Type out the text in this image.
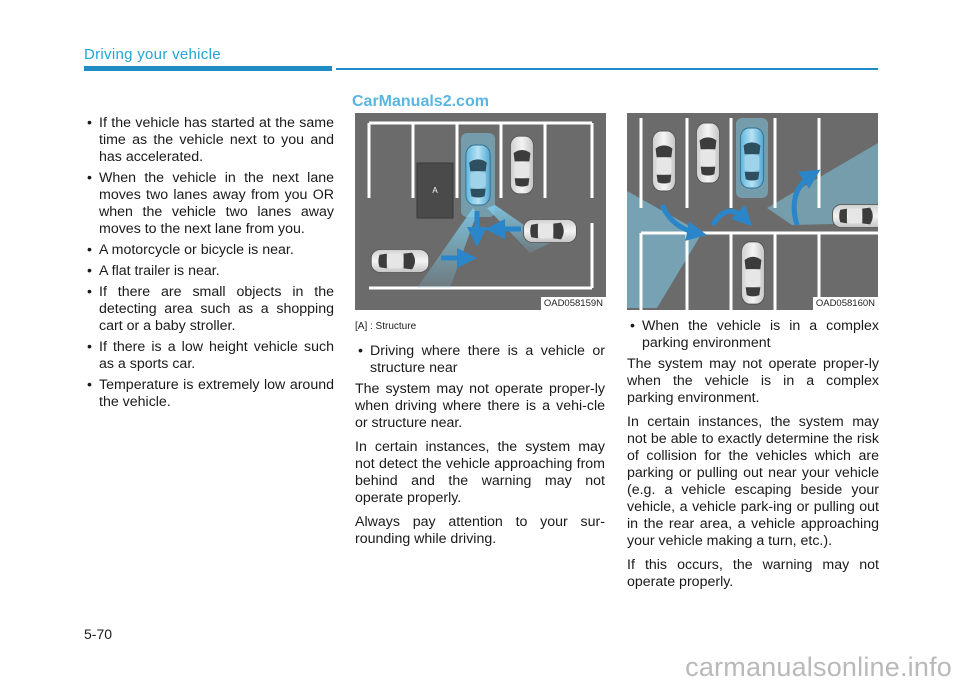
Driving your vehicle
CarManuals2.com
• If the vehicle has started at the same time as the vehicle next to you and has accelerated.
• When the vehicle in the next lane moves two lanes away from you OR when the vehicle two lanes away moves to the next lane from you.
• A motorcycle or bicycle is near.
• A flat trailer is near.
• If there are small objects in the detecting area such as a shopping cart or a baby stroller.
• If there is a low height vehicle such as a sports car.
• Temperature is extremely low around the vehicle.
A
OAD058159N	OAD058160N

[A] : Structure

• Driving where there is a vehicle or structure near

The system may not operate proper-ly when driving where there is a vehi-cle or structure near.

In certain instances, the system may not detect the vehicle approaching from behind and the warning may not operate properly.

Always pay attention to your sur-rounding while driving.

• When the vehicle is in a complex parking environment

The system may not operate proper-ly when the vehicle is in a complex parking environment.

In certain instances, the system may not be able to exactly determine the risk of collision for the vehicles which are parking or pulling out near your vehicle (e.g. a vehicle escaping beside your vehicle, a vehicle park-ing or pulling out in the rear area, a vehicle approaching your vehicle making a turn, etc.).

If this occurs, the warning may not operate properly.

5-70
carmanualsonline.info
